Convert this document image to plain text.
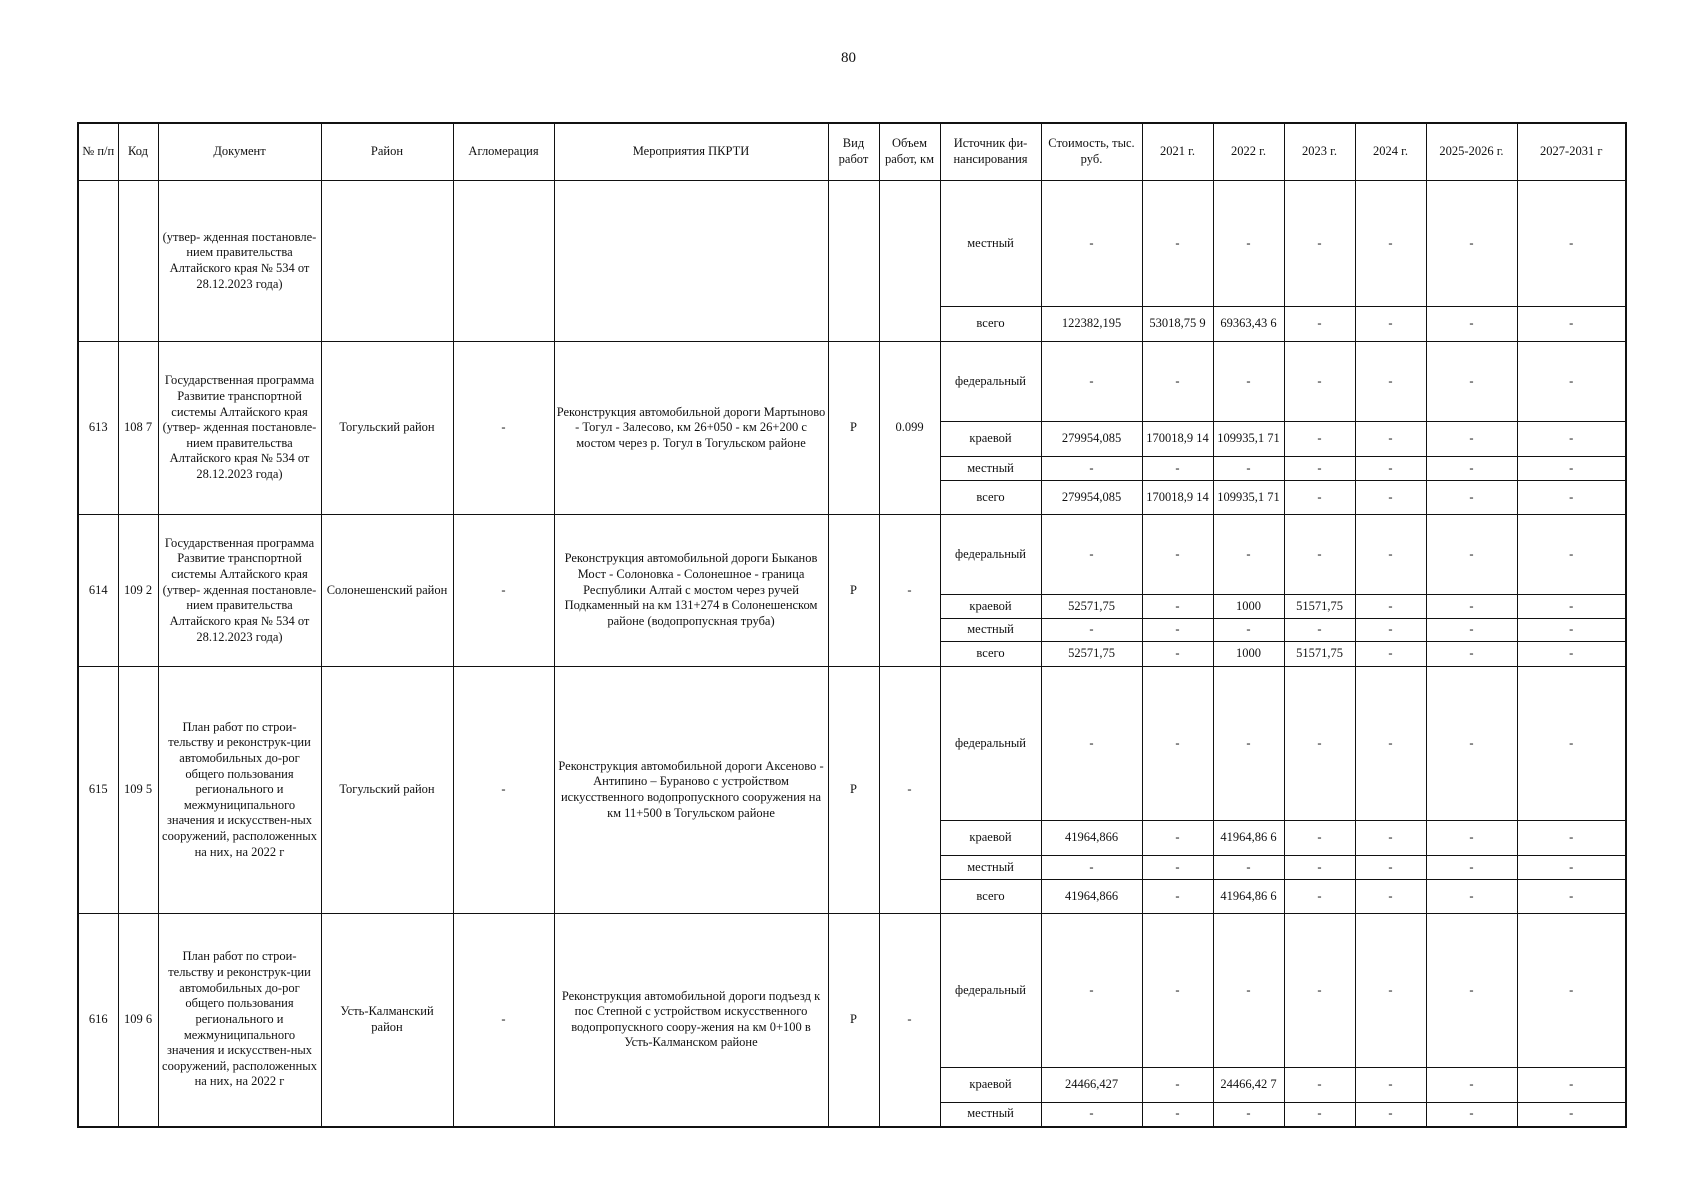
80
№ п/п	Код	Документ	Район	Агломерация	Мероприятия ПКРТИ	Вид работ	Объем работ, км	Источник фи-нансирования	Стоимость, тыс. руб.	2021 г.	2022 г.	2023 г.	2024 г.	2025-2026 г.	2027-2031 г
		(утвер- жденная постановле- нием правительства Алтайского края № 534 от 28.12.2023 года)						местный	-	-	-	-	-	-	-
								всего	122382,195	53018,75 9	69363,43 6	-	-	-	-
613	108 7	Государственная программа Развитие транспортной системы Алтайского края (утвер- жденная постановле- нием правительства Алтайского края № 534 от 28.12.2023 года)	Тогульский район	-	Реконструкция автомобильной дороги Мартыново - Тогул - Залесово, км 26+050 - км 26+200 с мостом через р. Тогул в Тогульском районе	Р	0.099	федеральный	-	-	-	-	-	-	-
								краевой	279954,085	170018,9 14	109935,1 71	-	-	-	-
								местный	-	-	-	-	-	-	-
								всего	279954,085	170018,9 14	109935,1 71	-	-	-	-
614	109 2	Государственная программа Развитие транспортной системы Алтайского края (утвер- жденная постановле- нием правительства Алтайского края № 534 от 28.12.2023 года)	Солонешенский район	-	Реконструкция автомобильной дороги Быканов Мост - Солоновка - Солонешное - граница Республики Алтай с мостом через ручей Подкаменный на км 131+274 в Солонешенском районе (водопропускная труба)	Р	-	федеральный	-	-	-	-	-	-	-
								краевой	52571,75	-	1000	51571,75	-	-	-
								местный	-	-	-	-	-	-	-
								всего	52571,75	-	1000	51571,75	-	-	-
615	109 5	План работ по строи-тельству и реконструк-ции автомобильных до-рог общего пользования регионального и межмуниципального значения и искусствен-ных сооружений, расположенных на них, на 2022 г	Тогульский район	-	Реконструкция автомобильной дороги Аксеново - Антипино – Бураново с устройством искусственного водопропускного сооружения на км 11+500 в Тогульском районе	Р	-	федеральный	-	-	-	-	-	-	-
								краевой	41964,866	-	41964,86 6	-	-	-	-
								местный	-	-	-	-	-	-	-
								всего	41964,866	-	41964,86 6	-	-	-	-
616	109 6	План работ по строи-тельству и реконструк-ции автомобильных до-рог общего пользования регионального и межмуниципального значения и искусствен-ных сооружений, расположенных на них, на 2022 г	Усть-Калманский район	-	Реконструкция автомобильной дороги подъезд к пос Степной с устройством искусственного водопропускного соору-жения на км 0+100 в Усть-Калманском районе	Р	-	федеральный	-	-	-	-	-	-	-
								краевой	24466,427	-	24466,42 7	-	-	-	-
								местный	-	-	-	-	-	-	-
